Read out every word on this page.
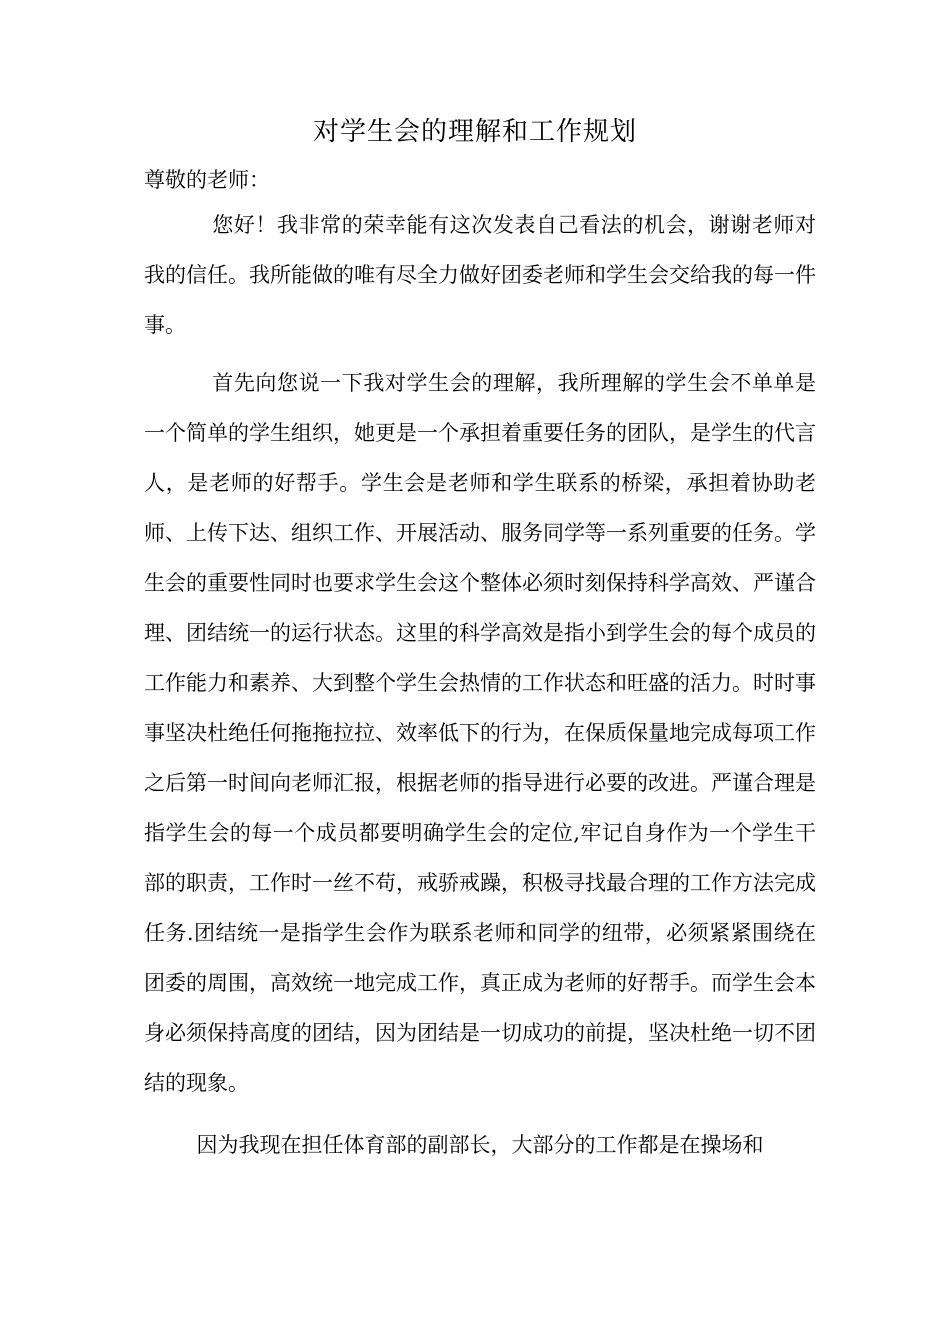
对学生会的理解和工作规划
尊敬的老师：

您好！我非常的荣幸能有这次发表自己看法的机会，谢谢老师对我的信任。我所能做的唯有尽全力做好团委老师和学生会交给我的每一件事。

首先向您说一下我对学生会的理解，我所理解的学生会不单单是一个简单的学生组织，她更是一个承担着重要任务的团队，是学生的代言人，是老师的好帮手。学生会是老师和学生联系的桥梁，承担着协助老师、上传下达、组织工作、开展活动、服务同学等一系列重要的任务。学生会的重要性同时也要求学生会这个整体必须时刻保持科学高效、严谨合理、团结统一的运行状态。这里的科学高效是指小到学生会的每个成员的工作能力和素养、大到整个学生会热情的工作状态和旺盛的活力。时时事事坚决杜绝任何拖拖拉拉、效率低下的行为，在保质保量地完成每项工作之后第一时间向老师汇报，根据老师的指导进行必要的改进。严谨合理是指学生会的每一个成员都要明确学生会的定位,牢记自身作为一个学生干部的职责，工作时一丝不苟，戒骄戒躁，积极寻找最合理的工作方法完成任务.团结统一是指学生会作为联系老师和同学的纽带，必须紧紧围绕在团委的周围，高效统一地完成工作，真正成为老师的好帮手。而学生会本身必须保持高度的团结，因为团结是一切成功的前提，坚决杜绝一切不团结的现象。

因为我现在担任体育部的副部长，大部分的工作都是在操场和
